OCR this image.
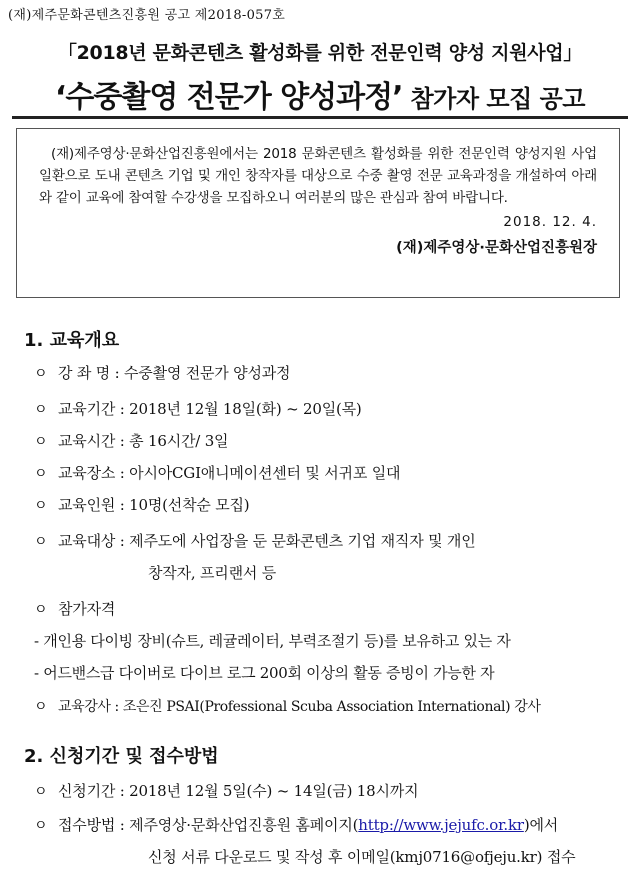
(재)제주문화콘텐츠진흥원 공고 제2018-057호
「2018년 문화콘텐츠 활성화를 위한 전문인력 양성 지원사업」
‘수중촬영 전문가 양성과정’ 참가자 모집 공고

(재)제주영상·문화산업진흥원에서는 2018 문화콘텐츠 활성화를 위한 전문인력 양성지원 사업 일환으로 도내 콘텐츠 기업 및 개인 창작자를 대상으로 수중 촬영 전문 교육과정을 개설하여 아래와 같이 교육에 참여할 수강생을 모집하오니 여러분의 많은 관심과 참여 바랍니다.

2018. 12. 4.
(재)제주영상·문화산업진흥원장
1. 교육개요
ㅇ 강 좌 명 : 수중촬영 전문가 양성과정
ㅇ 교육기간 : 2018년 12월 18일(화) ~ 20일(목)
ㅇ 교육시간 : 총 16시간/ 3일
ㅇ 교육장소 : 아시아CGI애니메이션센터 및 서귀포 일대
ㅇ 교육인원 : 10명(선착순 모집)
ㅇ 교육대상 : 제주도에 사업장을 둔 문화콘텐츠 기업 재직자 및 개인
창작자, 프리랜서 등
ㅇ 참가자격
- 개인용 다이빙 장비(슈트, 레귤레이터, 부력조절기 등)를 보유하고 있는 자
- 어드밴스급 다이버로 다이브 로그 200회 이상의 활동 증빙이 가능한 자
ㅇ 교육강사 : 조은진 PSAI(Professional Scuba Association International) 강사
2. 신청기간 및 접수방법
ㅇ 신청기간 : 2018년 12월 5일(수) ~ 14일(금) 18시까지
ㅇ 접수방법 : 제주영상·문화산업진흥원 홈페이지(http://www.jejufc.or.kr)에서
신청 서류 다운로드 및 작성 후 이메일(kmj0716@ofjeju.kr) 접수
